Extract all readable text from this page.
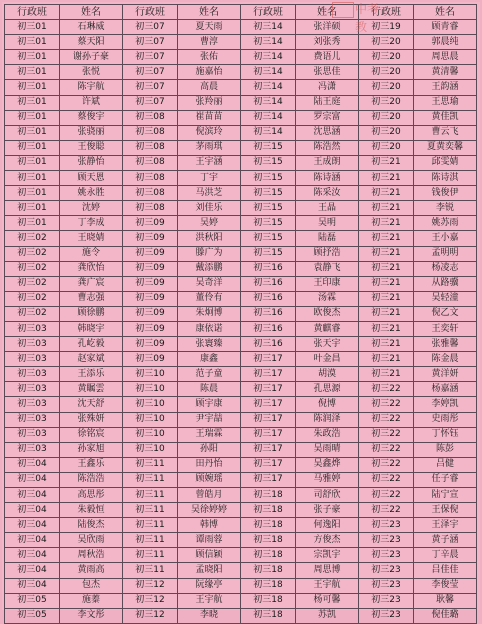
行政班	姓名	行政班	姓名	行政班	姓名	行政班	姓名
初三01	石琳威	初三07	夏天雨	初三14	张洋硕	初三19	顾青睿
初三01	蔡天阳	初三07	曹淳	初三14	刘张秀	初三20	郭晨纯
初三01	谢孙子豪	初三07	张佑	初三14	费语儿	初三20	周思晨
初三01	张悦	初三07	施嘉怡	初三14	张思佳	初三20	黄清馨
初三01	陈宇航	初三07	高晨	初三14	冯潇	初三20	王韵涵
初三01	许斌	初三07	张羚丽	初三14	陆王庭	初三20	王思瑜
初三01	蔡俊宇	初三08	崔苗苗	初三14	罗宗富	初三20	黄佳凯
初三01	张骁丽	初三08	倪滨玲	初三14	沈思涵	初三20	曹云飞
初三01	王俊聪	初三08	茅雨琪	初三15	陈浩然	初三20	夏黄奕馨
初三01	张静怡	初三08	王宇涵	初三15	王成朗	初三21	邱雯婧
初三01	顾天恩	初三08	丁宇	初三15	陈诗涵	初三21	陈诗淇
初三01	姚永胜	初三08	马洪芝	初三15	陈采汝	初三21	钱俊伊
初三01	沈婷	初三08	刘佳乐	初三15	王晶	初三21	李锐
初三01	丁李成	初三09	吴婷	初三15	吴明	初三21	姚苏雨
初三02	王晓婧	初三09	洪秋阳	初三15	陆磊	初三21	王小嘉
初三02	施令	初三09	滕广为	初三15	顾抒浩	初三21	孟明明
初三02	龚欣怡	初三09	戴添鹏	初三16	袁静飞	初三21	杨凌志
初三02	龚广宸	初三09	吴奇洋	初三16	王印康	初三21	从路骥
初三02	曹志强	初三09	董伶有	初三16	汤霖	初三21	吴轻潼
初三02	顾徐鹏	初三09	朱炯博	初三16	欧俊杰	初三21	倪乙文
初三03	韩晓宇	初三09	康依诺	初三16	黄麒睿	初三21	王奕轩
初三03	孔屹毅	初三09	张寰臻	初三16	张天宇	初三21	张雅馨
初三03	赵家斌	初三09	康鑫	初三17	叶金昌	初三21	陈金晨
初三03	王添乐	初三10	范子童	初三17	胡漠	初三21	黄洋妍
初三03	黄瞩雲	初三10	陈晨	初三17	孔思源	初三22	杨嘉涵
初三03	沈天舒	初三10	顾宇康	初三17	倪博	初三22	李婷凯
初三03	张殊妍	初三10	尹宇喆	初三17	陈润泽	初三22	史雨彤
初三03	徐铭宸	初三10	王瑞霖	初三17	朱政浩	初三22	丁怀钰
初三03	孙家旭	初三10	孙阳	初三17	吴雨晴	初三22	陈彭
初三04	王鑫乐	初三11	田丹怡	初三17	吴鑫烨	初三22	吕健
初三04	陈浩浩	初三11	顾婉瑶	初三17	马雅婷	初三22	任子睿
初三04	高思彤	初三11	曾皓月	初三18	司舒欣	初三22	陆宁宣
初三04	朱毅恒	初三11	吴徐婷婷	初三18	张子豪	初三22	王保倪
初三04	陆俊杰	初三11	韩博	初三18	何逸阳	初三23	王泽宇
初三04	吴欣雨	初三11	谭雨蓉	初三18	方俊杰	初三23	黄子涵
初三04	周秋浩	初三11	顾信颖	初三18	宗凯宇	初三23	丁辛晨
初三04	黄雨高	初三11	孟晓阳	初三18	周思博	初三23	吕佳佳
初三04	包杰	初三12	阮缘亭	初三18	王宇航	初三23	李俊莹
初三05	施蓁	初三12	王宇航	初三18	杨可馨	初三23	耿馨
初三05	李文彤	初三12	李晓	初三18	苏凯	初三23	倪佳璐
中考 教
